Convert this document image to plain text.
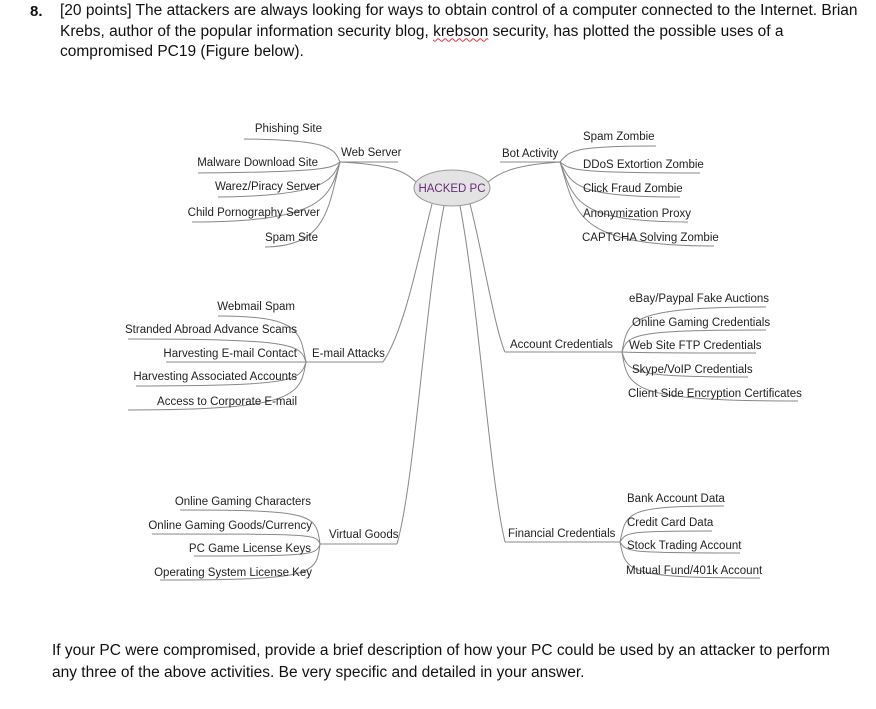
8. [20 points] The attackers are always looking for ways to obtain control of a computer connected to the Internet. Brian Krebs, author of the popular information security blog, krebson security, has plotted the possible uses of a compromised PC19 (Figure below).
HACKED PC
Web Server
Phishing Site
Malware Download Site
Warez/Piracy Server
Child Pornography Server
Spam Site
Bot Activity
Spam Zombie
DDoS Extortion Zombie
Click Fraud Zombie
Anonymization Proxy
CAPTCHA Solving Zombie
E-mail Attacks
Webmail Spam
Stranded Abroad Advance Scams
Harvesting E-mail Contact
Harvesting Associated Accounts
Access to Corporate E-mail
Account Credentials
eBay/Paypal Fake Auctions
Online Gaming Credentials
Web Site FTP Credentials
Skype/VoIP Credentials
Client Side Encryption Certificates
Virtual Goods
Online Gaming Characters
Online Gaming Goods/Currency
PC Game License Keys
Operating System License Key
Financial Credentials
Bank Account Data
Credit Card Data
Stock Trading Account
Mutual Fund/401k Account
If your PC were compromised, provide a brief description of how your PC could be used by an attacker to perform any three of the above activities. Be very specific and detailed in your answer.
